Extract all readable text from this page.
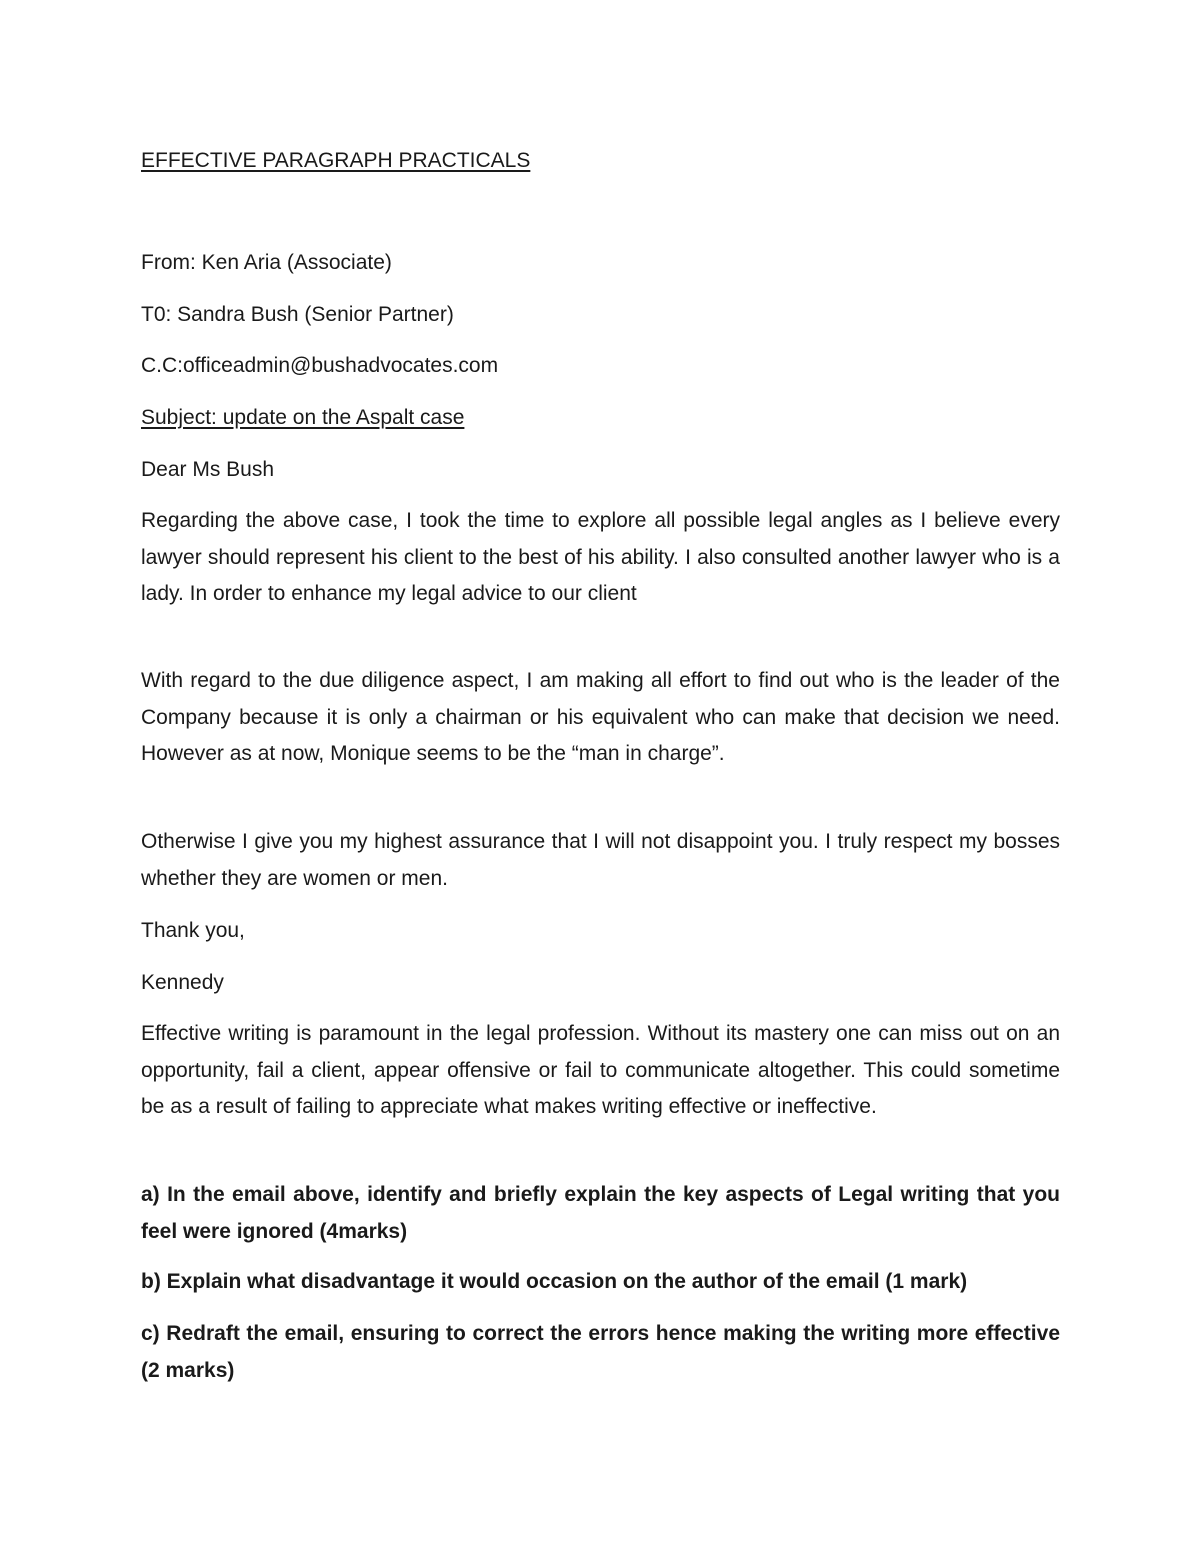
EFFECTIVE PARAGRAPH PRACTICALS

From: Ken Aria (Associate)

T0: Sandra Bush (Senior Partner)

C.C:officeadmin@bushadvocates.com

Subject: update on the Aspalt case

Dear Ms Bush

Regarding the above case, I took the time to explore all possible legal angles as I believe every lawyer should represent his client to the best of his ability. I also consulted another lawyer who is a lady. In order to enhance my legal advice to our client

With regard to the due diligence aspect, I am making all effort to find out who is the leader of the Company because it is only a chairman or his equivalent who can make that decision we need. However as at now, Monique seems to be the “man in charge”.

Otherwise I give you my highest assurance that I will not disappoint you. I truly respect my bosses whether they are women or men.

Thank you,

Kennedy

Effective writing is paramount in the legal profession. Without its mastery one can miss out on an opportunity, fail a client, appear offensive or fail to communicate altogether. This could sometime be as a result of failing to appreciate what makes writing effective or ineffective.

a) In the email above, identify and briefly explain the key aspects of Legal writing that you feel were ignored (4marks)

b) Explain what disadvantage it would occasion on the author of the email (1 mark)

c) Redraft the email, ensuring to correct the errors hence making the writing more effective (2 marks)
